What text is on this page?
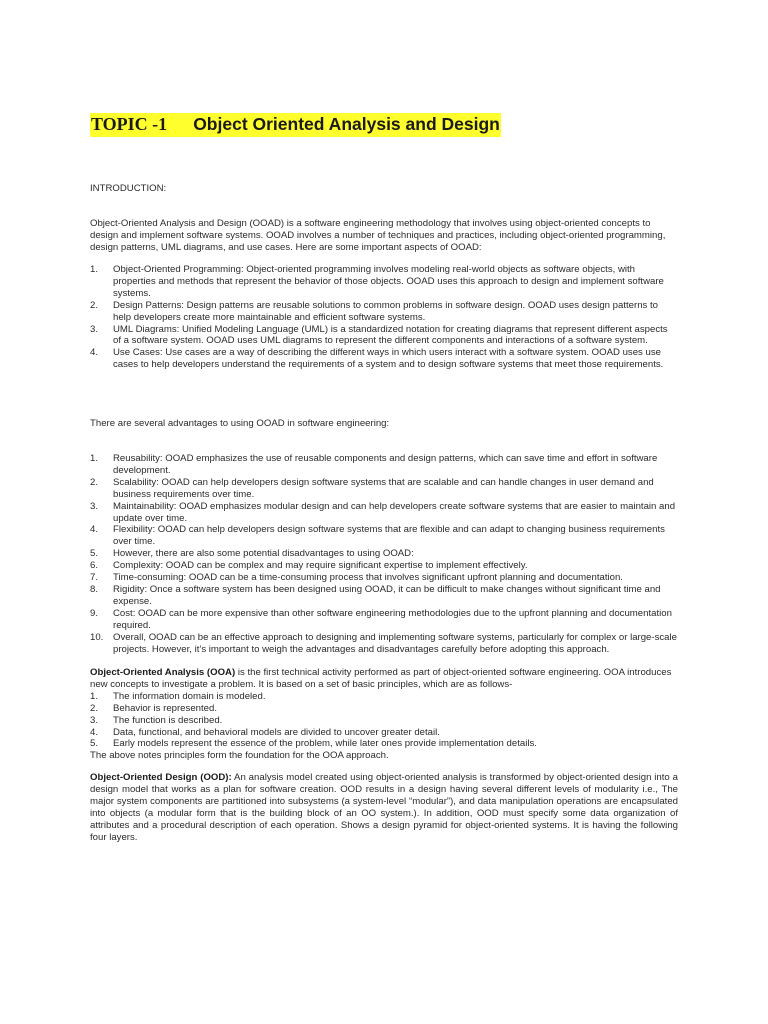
TOPIC -1 Object Oriented Analysis and Design
INTRODUCTION:
Object-Oriented Analysis and Design (OOAD) is a software engineering methodology that involves using object-oriented concepts to design and implement software systems. OOAD involves a number of techniques and practices, including object-oriented programming, design patterns, UML diagrams, and use cases. Here are some important aspects of OOAD:
1. Object-Oriented Programming: Object-oriented programming involves modeling real-world objects as software objects, with properties and methods that represent the behavior of those objects. OOAD uses this approach to design and implement software systems.
2. Design Patterns: Design patterns are reusable solutions to common problems in software design. OOAD uses design patterns to help developers create more maintainable and efficient software systems.
3. UML Diagrams: Unified Modeling Language (UML) is a standardized notation for creating diagrams that represent different aspects of a software system. OOAD uses UML diagrams to represent the different components and interactions of a software system.
4. Use Cases: Use cases are a way of describing the different ways in which users interact with a software system. OOAD uses use cases to help developers understand the requirements of a system and to design software systems that meet those requirements.
There are several advantages to using OOAD in software engineering:
1. Reusability: OOAD emphasizes the use of reusable components and design patterns, which can save time and effort in software development.
2. Scalability: OOAD can help developers design software systems that are scalable and can handle changes in user demand and business requirements over time.
3. Maintainability: OOAD emphasizes modular design and can help developers create software systems that are easier to maintain and update over time.
4. Flexibility: OOAD can help developers design software systems that are flexible and can adapt to changing business requirements over time.
5. However, there are also some potential disadvantages to using OOAD:
6. Complexity: OOAD can be complex and may require significant expertise to implement effectively.
7. Time-consuming: OOAD can be a time-consuming process that involves significant upfront planning and documentation.
8. Rigidity: Once a software system has been designed using OOAD, it can be difficult to make changes without significant time and expense.
9. Cost: OOAD can be more expensive than other software engineering methodologies due to the upfront planning and documentation required.
10. Overall, OOAD can be an effective approach to designing and implementing software systems, particularly for complex or large-scale projects. However, it’s important to weigh the advantages and disadvantages carefully before adopting this approach.
Object-Oriented Analysis (OOA) is the first technical activity performed as part of object-oriented software engineering. OOA introduces new concepts to investigate a problem. It is based on a set of basic principles, which are as follows-
1. The information domain is modeled.
2. Behavior is represented.
3. The function is described.
4. Data, functional, and behavioral models are divided to uncover greater detail.
5. Early models represent the essence of the problem, while later ones provide implementation details.
The above notes principles form the foundation for the OOA approach.
Object-Oriented Design (OOD): An analysis model created using object-oriented analysis is transformed by object-oriented design into a design model that works as a plan for software creation. OOD results in a design having several different levels of modularity i.e., The major system components are partitioned into subsystems (a system-level “modular”), and data manipulation operations are encapsulated into objects (a modular form that is the building block of an OO system.). In addition, OOD must specify some data organization of attributes and a procedural description of each operation. Shows a design pyramid for object-oriented systems. It is having the following four layers.
